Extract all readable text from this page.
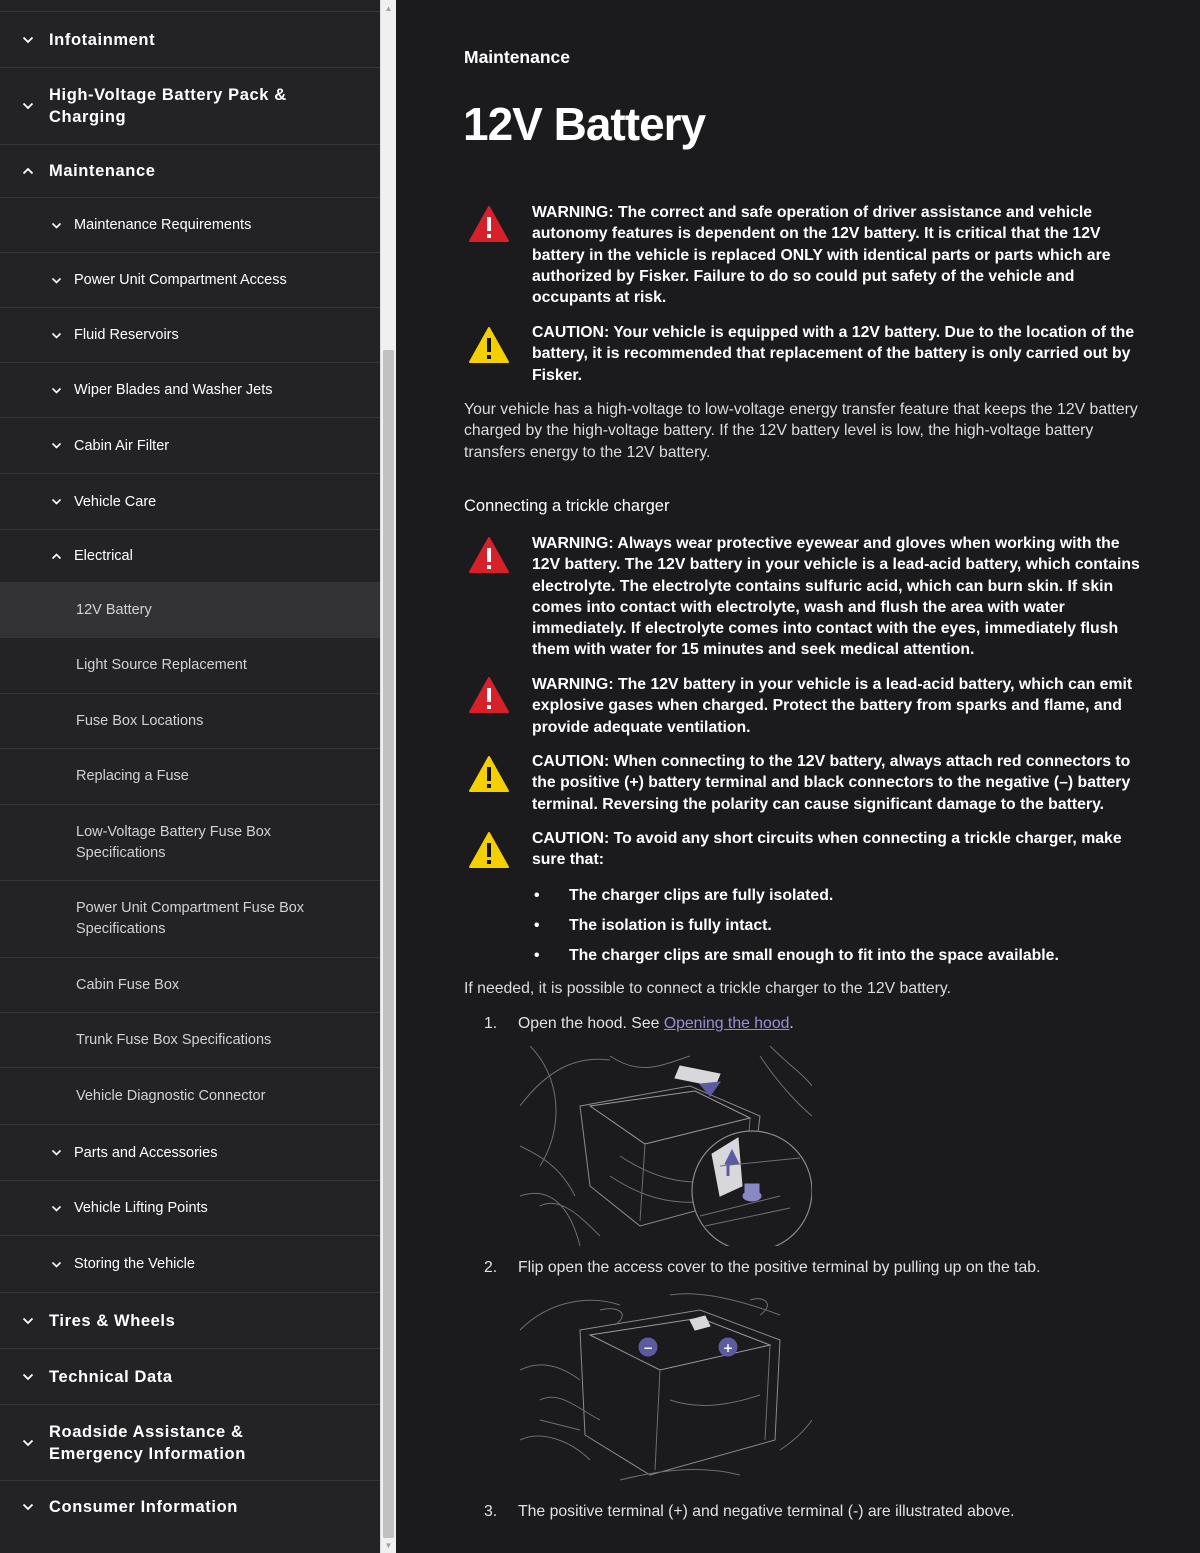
Infotainment
High-Voltage Battery Pack & Charging
Maintenance
Maintenance Requirements
Power Unit Compartment Access
Fluid Reservoirs
Wiper Blades and Washer Jets
Cabin Air Filter
Vehicle Care
Electrical
12V Battery
Light Source Replacement
Fuse Box Locations
Replacing a Fuse
Low-Voltage Battery Fuse Box Specifications
Power Unit Compartment Fuse Box Specifications
Cabin Fuse Box
Trunk Fuse Box Specifications
Vehicle Diagnostic Connector
Parts and Accessories
Vehicle Lifting Points
Storing the Vehicle
Tires & Wheels
Technical Data
Roadside Assistance & Emergency Information
Consumer Information
▲
▼
Maintenance
12V Battery
WARNING: The correct and safe operation of driver assistance and vehicle autonomy features is dependent on the 12V battery. It is critical that the 12V battery in the vehicle is replaced ONLY with identical parts or parts which are authorized by Fisker. Failure to do so could put safety of the vehicle and occupants at risk.
CAUTION: Your vehicle is equipped with a 12V battery. Due to the location of the battery, it is recommended that replacement of the battery is only carried out by Fisker.

Your vehicle has a high-voltage to low-voltage energy transfer feature that keeps the 12V battery charged by the high-voltage battery. If the 12V battery level is low, the high-voltage battery transfers energy to the 12V battery.

Connecting a trickle charger
WARNING: Always wear protective eyewear and gloves when working with the 12V battery. The 12V battery in your vehicle is a lead-acid battery, which contains electrolyte. The electrolyte contains sulfuric acid, which can burn skin. If skin comes into contact with electrolyte, wash and flush the area with water immediately. If electrolyte comes into contact with the eyes, immediately flush them with water for 15 minutes and seek medical attention.
WARNING: The 12V battery in your vehicle is a lead-acid battery, which can emit explosive gases when charged. Protect the battery from sparks and flame, and provide adequate ventilation.
CAUTION: When connecting to the 12V battery, always attach red connectors to the positive (+) battery terminal and black connectors to the negative (–) battery terminal. Reversing the polarity can cause significant damage to the battery.
CAUTION: To avoid any short circuits when connecting a trickle charger, make sure that:
• The charger clips are fully isolated.
• The isolation is fully intact.
• The charger clips are small enough to fit into the space available.

If needed, it is possible to connect a trickle charger to the 12V battery.

1. Open the hood. See Opening the hood.
2. Flip open the access cover to the positive terminal by pulling up on the tab.
−	+
3. The positive terminal (+) and negative terminal (-) are illustrated above.
